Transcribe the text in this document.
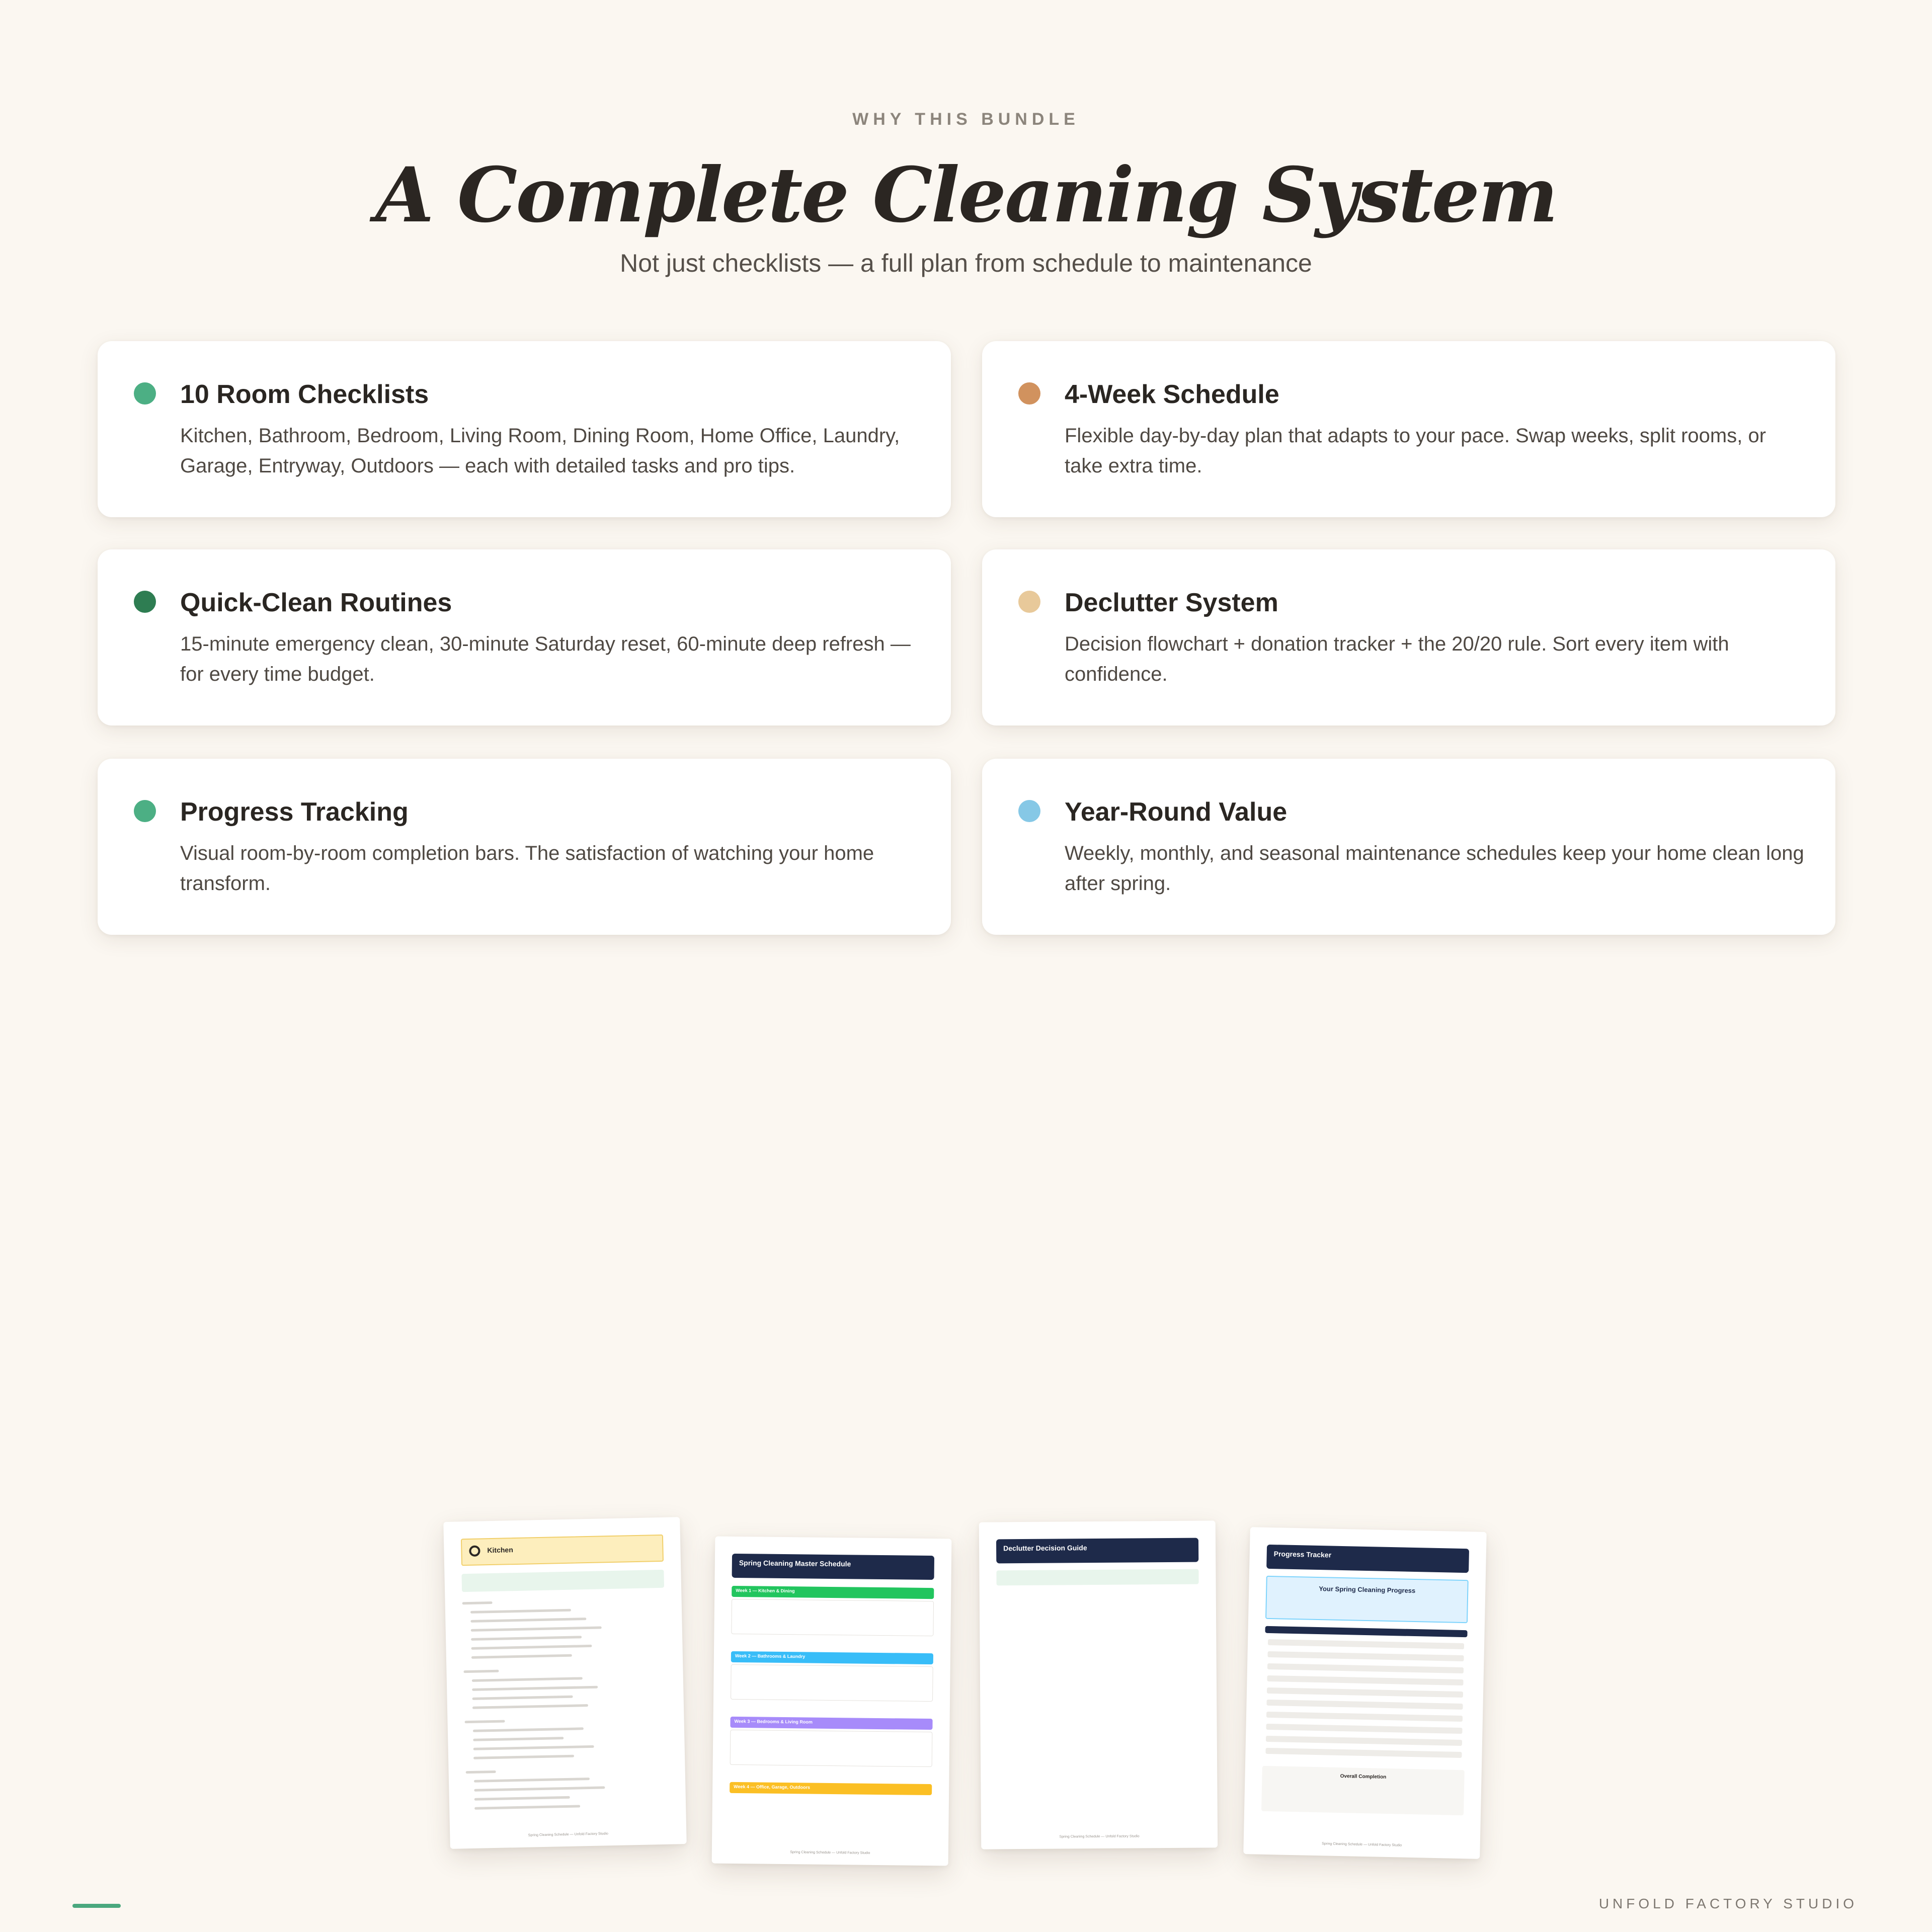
WHY THIS BUNDLE
A Complete Cleaning System
Not just checklists — a full plan from schedule to maintenance
10 Room Checklists
Kitchen, Bathroom, Bedroom, Living Room, Dining Room, Home Office, Laundry, Garage, Entryway, Outdoors — each with detailed tasks and pro tips.
4-Week Schedule
Flexible day-by-day plan that adapts to your pace. Swap weeks, split rooms, or take extra time.
Quick-Clean Routines
15-minute emergency clean, 30-minute Saturday reset, 60-minute deep refresh — for every time budget.
Declutter System
Decision flowchart + donation tracker + the 20/20 rule. Sort every item with confidence.
Progress Tracking
Visual room-by-room completion bars. The satisfaction of watching your home transform.
Year-Round Value
Weekly, monthly, and seasonal maintenance schedules keep your home clean long after spring.
Kitchen
Spring Cleaning Schedule — Unfold Factory Studio
Spring Cleaning Master Schedule
Week 1 — Kitchen & Dining
Week 2 — Bathrooms & Laundry
Week 3 — Bedrooms & Living Room
Week 4 — Office, Garage, Outdoors
Spring Cleaning Schedule — Unfold Factory Studio
Declutter Decision Guide
Spring Cleaning Schedule — Unfold Factory Studio
Progress Tracker
Your Spring Cleaning Progress
Overall Completion
Spring Cleaning Schedule — Unfold Factory Studio
UNFOLD FACTORY STUDIO
